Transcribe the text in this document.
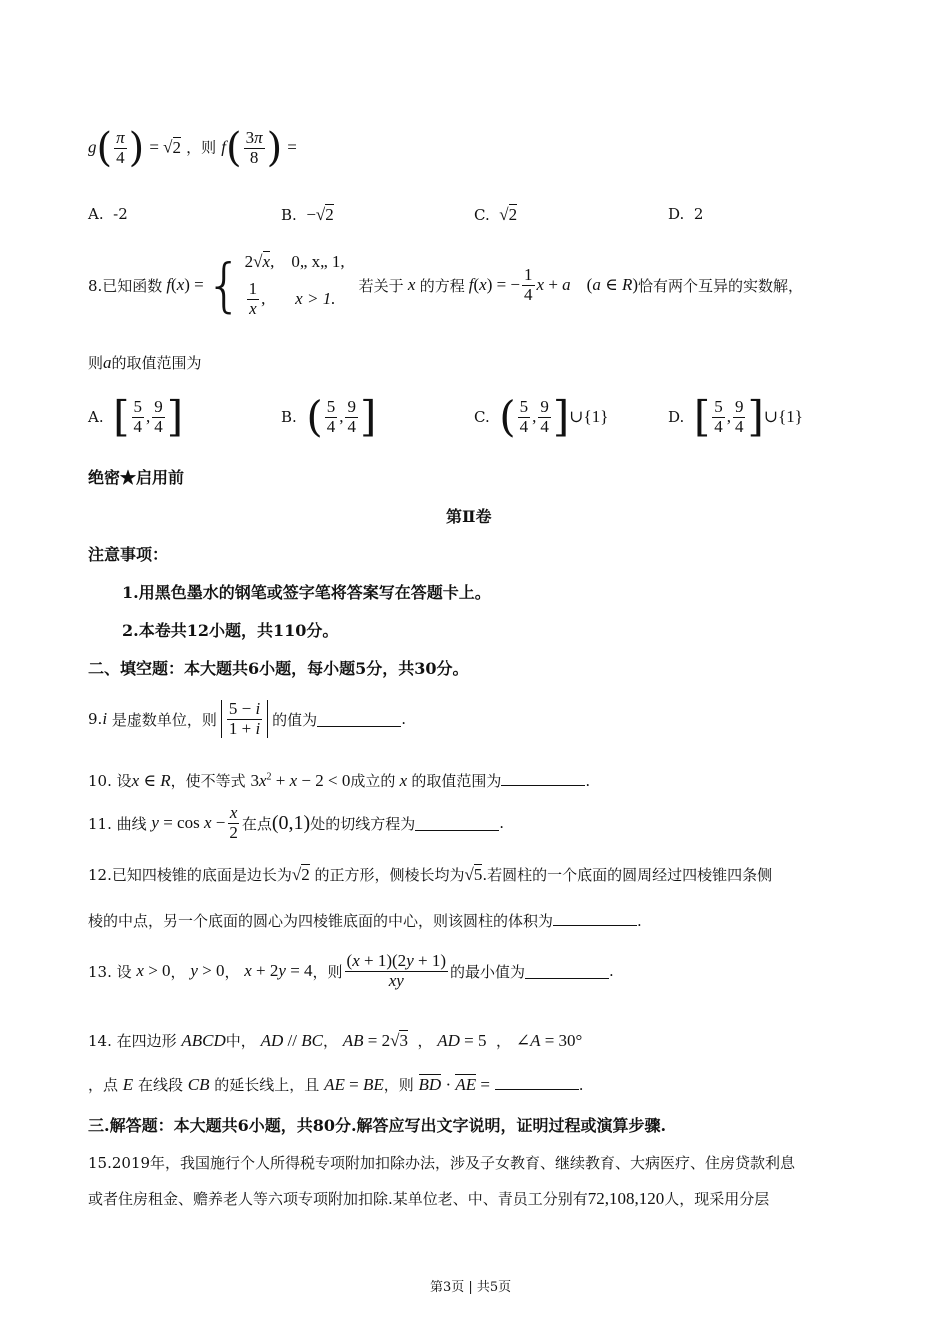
$g( \frac{\pi}{4}$ ) = √2 ，则 $f( \frac{3\pi}{8}$ ) =
A. -2	B. −√2	C. √2	D. 2
8.已知函数 f ( x ) = { 2√x,    0„ x„ 1,
$\frac{1}{x}$ , x > 1.
若关于 x 的方程 f ( x ) = − $\frac{1}{4}$ x + a ( a ∈ R ) 恰有两个互异的实数解，
则a的取值范围为
A.
[ $\frac{5}{4}$ , $\frac{9}{4}$ ]	B.
( $\frac{5}{4}$ , $\frac{9}{4}$ ]	C.
( $\frac{5}{4}$ , $\frac{9}{4}$ ] ∪{1}	D.
[ $\frac{5}{4}$ , $\frac{9}{4}$ ] ∪{1}
绝密★启用前
第Ⅱ卷
注意事项：
1.用黑色墨水的钢笔或签字笔将答案写在答题卡上。
2.本卷共12小题，共110分。
二、填空题：本大题共6小题，每小题5分，共30分。
9. i
是虚数单位，则 $\frac{5 - i}{1 + i}$ 的值为	.
10. 设x ∈ R，使不等式 $3x^2 + x - 2 < 0$成立的 x 的取值范围为	.
11. 曲线
$y = \cos x - \frac{x}{2}$ 在点 (0,1) 处的切线方程为	.
12.已知四棱锥的底面是边长为√2 的正方形，侧棱长均为√5.若圆柱的一个底面的圆周经过四棱锥四条侧
棱的中点，另一个底面的圆心为四棱锥底面的中心，则该圆柱的体积为	.
13. 设
x > 0 ， y > 0 ， x + 2y = 4 ，则 $\frac{(x + 1)(2y + 1)}{xy}$ 的最小值为	.
14. 在四边形 ABCD中， AD // BC， AB = 2√3  ， AD = 5  ， ∠A = 30°
，点 E 在线段 CB 的延长线上，且 AE = BE，则 BD · AE =	.
三.解答题：本大题共6小题，共80分.解答应写出文字说明，证明过程或演算步骤.
15.2019年，我国施行个人所得税专项附加扣除办法，涉及子女教育、继续教育、大病医疗、住房贷款利息
或者住房租金、赡养老人等六项专项附加扣除.某单位老、中、青员工分别有72,108,120人，现采用分层
第3页 | 共5页
